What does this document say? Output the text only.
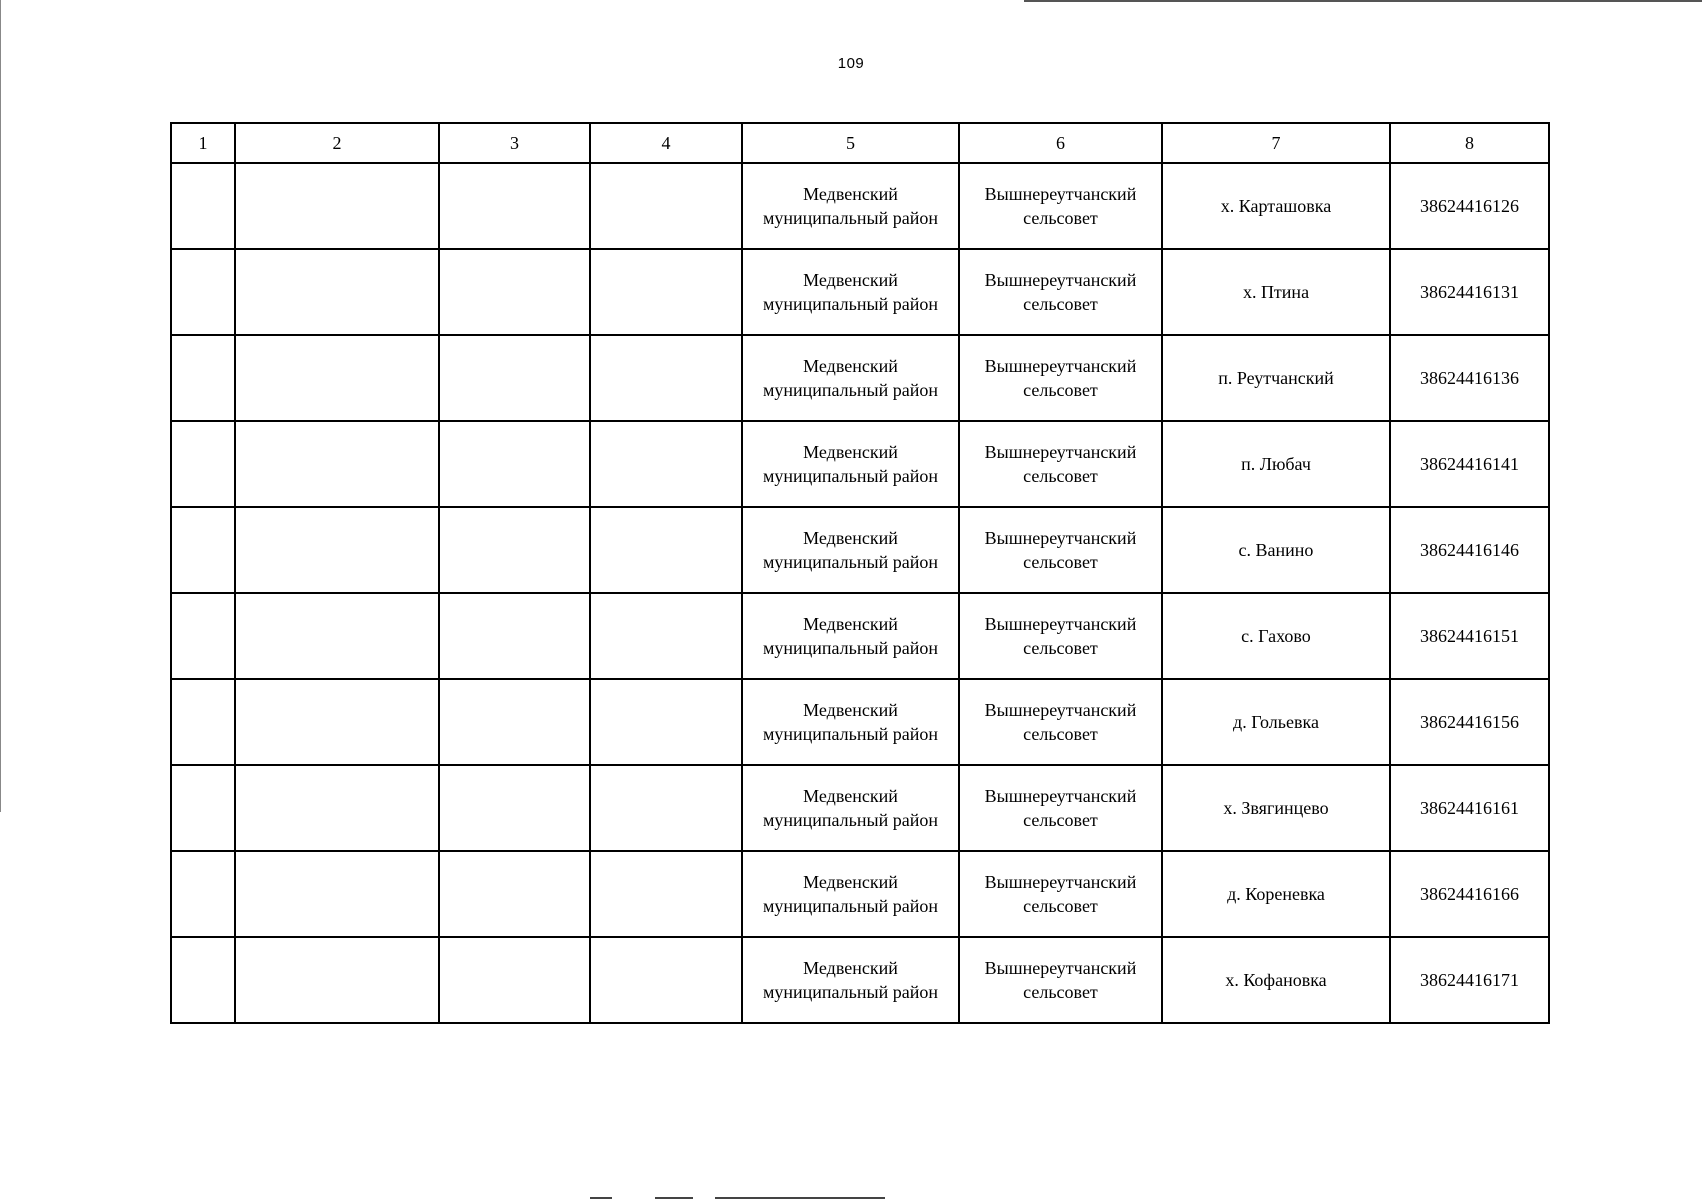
109
1	2	3	4	5	6	7	8
				Медвенский муниципальный район	Вышнереутчанский сельсовет	х. Карташовка	38624416126
				Медвенский муниципальный район	Вышнереутчанский сельсовет	х. Птина	38624416131
				Медвенский муниципальный район	Вышнереутчанский сельсовет	п. Реутчанский	38624416136
				Медвенский муниципальный район	Вышнереутчанский сельсовет	п. Любач	38624416141
				Медвенский муниципальный район	Вышнереутчанский сельсовет	с. Ванино	38624416146
				Медвенский муниципальный район	Вышнереутчанский сельсовет	с. Гахово	38624416151
				Медвенский муниципальный район	Вышнереутчанский сельсовет	д. Гольевка	38624416156
				Медвенский муниципальный район	Вышнереутчанский сельсовет	х. Звягинцево	38624416161
				Медвенский муниципальный район	Вышнереутчанский сельсовет	д. Кореневка	38624416166
				Медвенский муниципальный район	Вышнереутчанский сельсовет	х. Кофановка	38624416171
